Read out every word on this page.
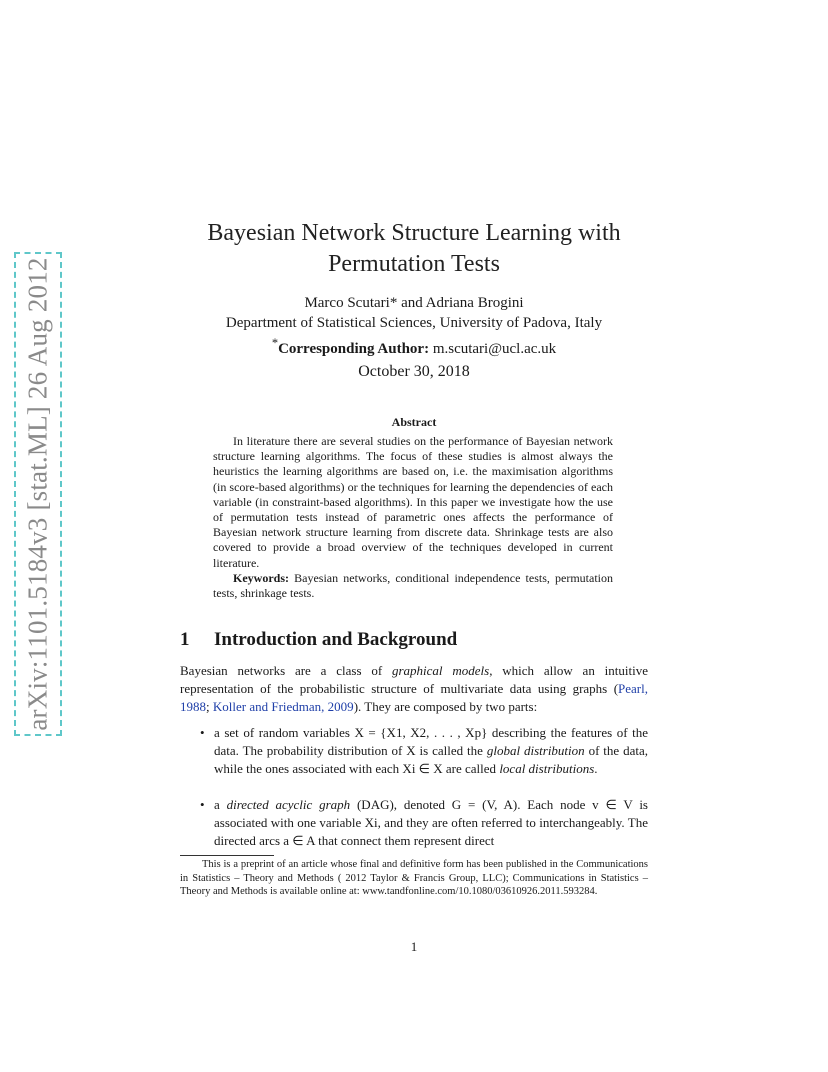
arXiv:1101.5184v3 [stat.ML] 26 Aug 2012
Bayesian Network Structure Learning with
Permutation Tests
Marco Scutari* and Adriana Brogini
Department of Statistical Sciences, University of Padova, Italy
*Corresponding Author: m.scutari@ucl.ac.uk
October 30, 2018
Abstract

In literature there are several studies on the performance of Bayesian network structure learning algorithms. The focus of these studies is almost always the heuristics the learning algorithms are based on, i.e. the maximisation algorithms (in score-based algorithms) or the techniques for learning the dependencies of each variable (in constraint-based algorithms). In this paper we investigate how the use of permutation tests instead of parametric ones affects the performance of Bayesian network structure learning from discrete data. Shrinkage tests are also covered to provide a broad overview of the techniques developed in current literature.

Keywords: Bayesian networks, conditional independence tests, permutation tests, shrinkage tests.

1 Introduction and Background
Bayesian networks are a class of graphical models, which allow an intuitive representation of the probabilistic structure of multivariate data using graphs (Pearl, 1988; Koller and Friedman, 2009). They are composed by two parts:
• a set of random variables X = {X1, X2, . . . , Xp} describing the features of the data. The probability distribution of X is called the global distribution of the data, while the ones associated with each Xi ∈ X are called local distributions.
• a directed acyclic graph (DAG), denoted G = (V, A). Each node v ∈ V is associated with one variable Xi, and they are often referred to interchangeably. The directed arcs a ∈ A that connect them represent direct

This is a preprint of an article whose final and definitive form has been published in the Communications in Statistics – Theory and Methods ( 2012 Taylor & Francis Group, LLC); Communications in Statistics – Theory and Methods is available online at: www.tandfonline.com/10.1080/03610926.2011.593284.

1
